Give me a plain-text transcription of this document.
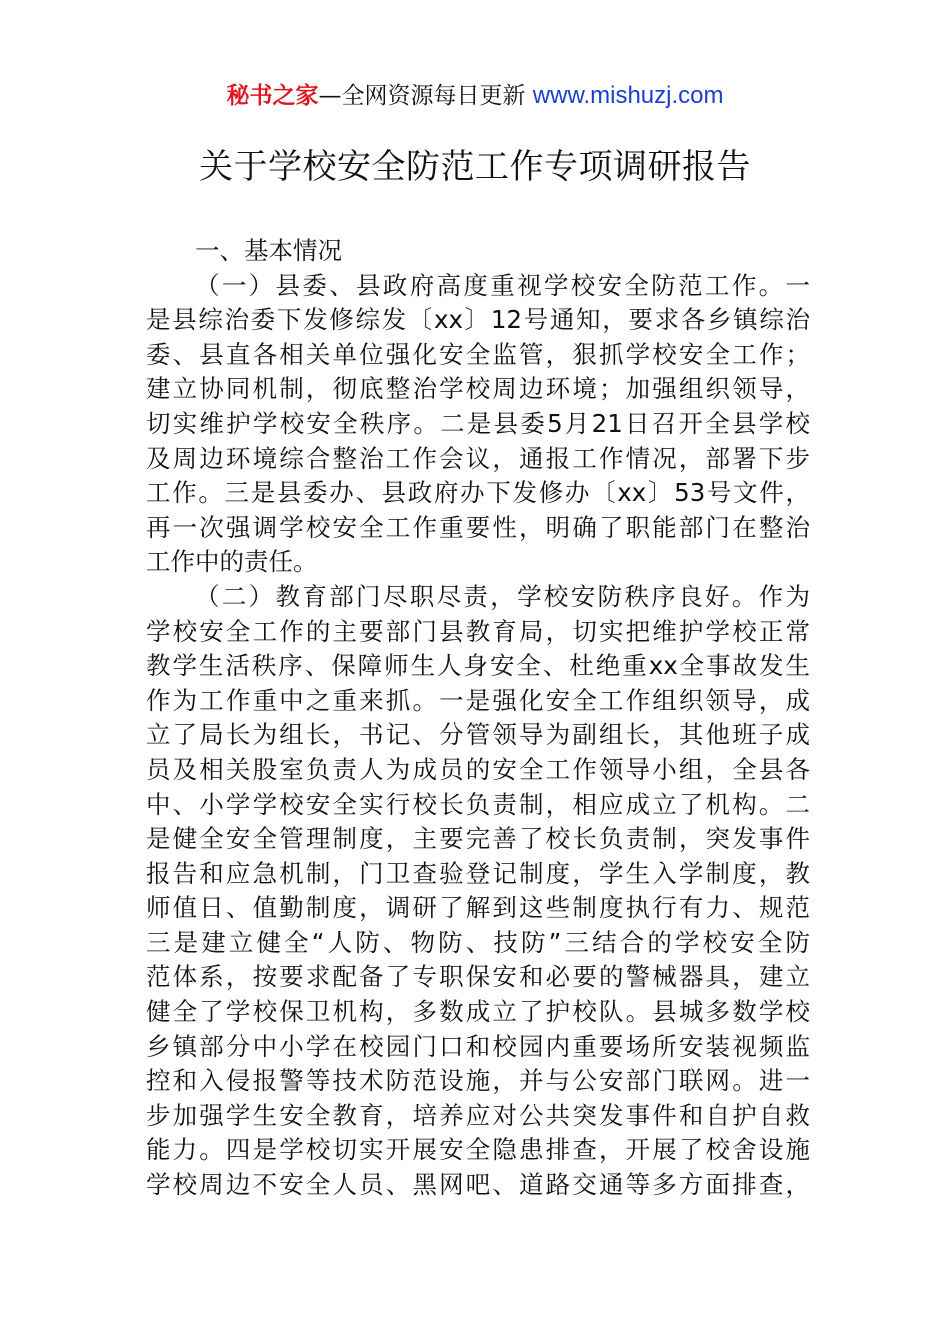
秘书之家—全网资源每日更新 www.mishuzj.com
关于学校安全防范工作专项调研报告
一、基本情况
（一）县委、县政府高度重视学校安全防范工作。一
是县综治委下发修综发〔xx〕12号通知，要求各乡镇综治
委、县直各相关单位强化安全监管，狠抓学校安全工作；
建立协同机制，彻底整治学校周边环境；加强组织领导，
切实维护学校安全秩序。二是县委5月21日召开全县学校
及周边环境综合整治工作会议，通报工作情况，部署下步
工作。三是县委办、县政府办下发修办〔xx〕53号文件，
再一次强调学校安全工作重要性，明确了职能部门在整治
工作中的责任。
（二）教育部门尽职尽责，学校安防秩序良好。作为
学校安全工作的主要部门县教育局，切实把维护学校正常
教学生活秩序、保障师生人身安全、杜绝重xx全事故发生
作为工作重中之重来抓。一是强化安全工作组织领导，成
立了局长为组长，书记、分管领导为副组长，其他班子成
员及相关股室负责人为成员的安全工作领导小组，全县各
中、小学学校安全实行校长负责制，相应成立了机构。二
是健全安全管理制度，主要完善了校长负责制，突发事件
报告和应急机制，门卫查验登记制度，学生入学制度，教
师值日、值勤制度，调研了解到这些制度执行有力、规范
三是建立健全“人防、物防、技防”三结合的学校安全防
范体系，按要求配备了专职保安和必要的警械器具，建立
健全了学校保卫机构，多数成立了护校队。县城多数学校
乡镇部分中小学在校园门口和校园内重要场所安装视频监
控和入侵报警等技术防范设施，并与公安部门联网。进一
步加强学生安全教育，培养应对公共突发事件和自护自救
能力。四是学校切实开展安全隐患排查，开展了校舍设施
学校周边不安全人员、黑网吧、道路交通等多方面排查，
